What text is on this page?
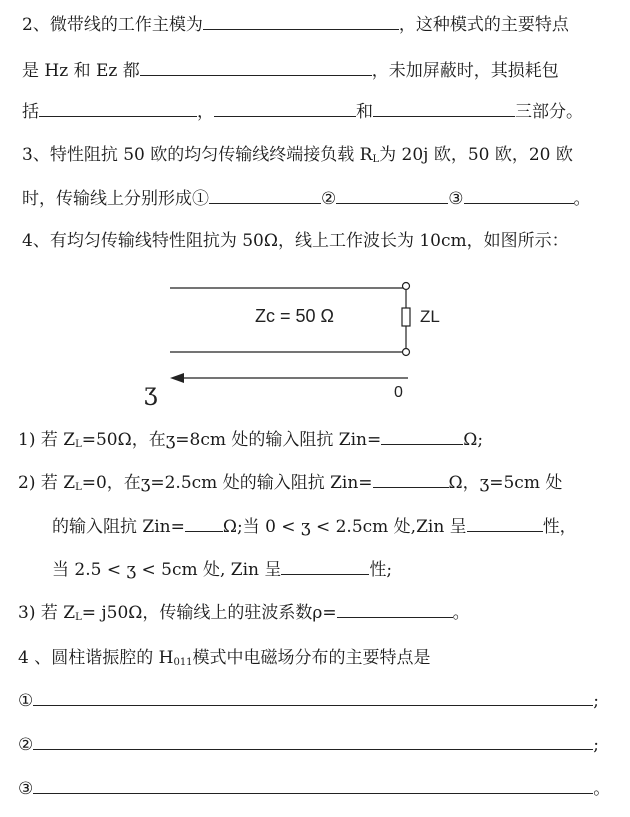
2、微带线的工作主模为	，这种模式的主要特点
是 Hz 和 Ez 都	，未加屏蔽时，其损耗包
括	，	和	三部分。
3、特性阻抗 50 欧的均匀传输线终端接负载 $R_L$为 20j 欧，50 欧，20 欧
时，传输线上分别形成①	②	③	。
4、有均匀传输线特性阻抗为 50Ω，线上工作波长为 10cm，如图所示：
Zc = 50 Ω	ZL
ʒ	0
1) 若 $Z_L=50\Omega$，在ʒ=8cm 处的输入阻抗 Zin=	Ω;
2) 若 $Z_L=0$，在ʒ=2.5cm 处的输入阻抗 Zin=	Ω，ʒ=5cm 处
的输入阻抗 Zin= Ω;当 0 < ʒ < 2.5cm 处,Zin 呈	性，
当 2.5 < ʒ < 5cm 处, Zin 呈	性;
3) 若 $Z_L= j50\Omega$，传输线上的驻波系数ρ=	。
4 、圆柱谐振腔的 $H_{011}$模式中电磁场分布的主要特点是
①	;
②	;
③	。
